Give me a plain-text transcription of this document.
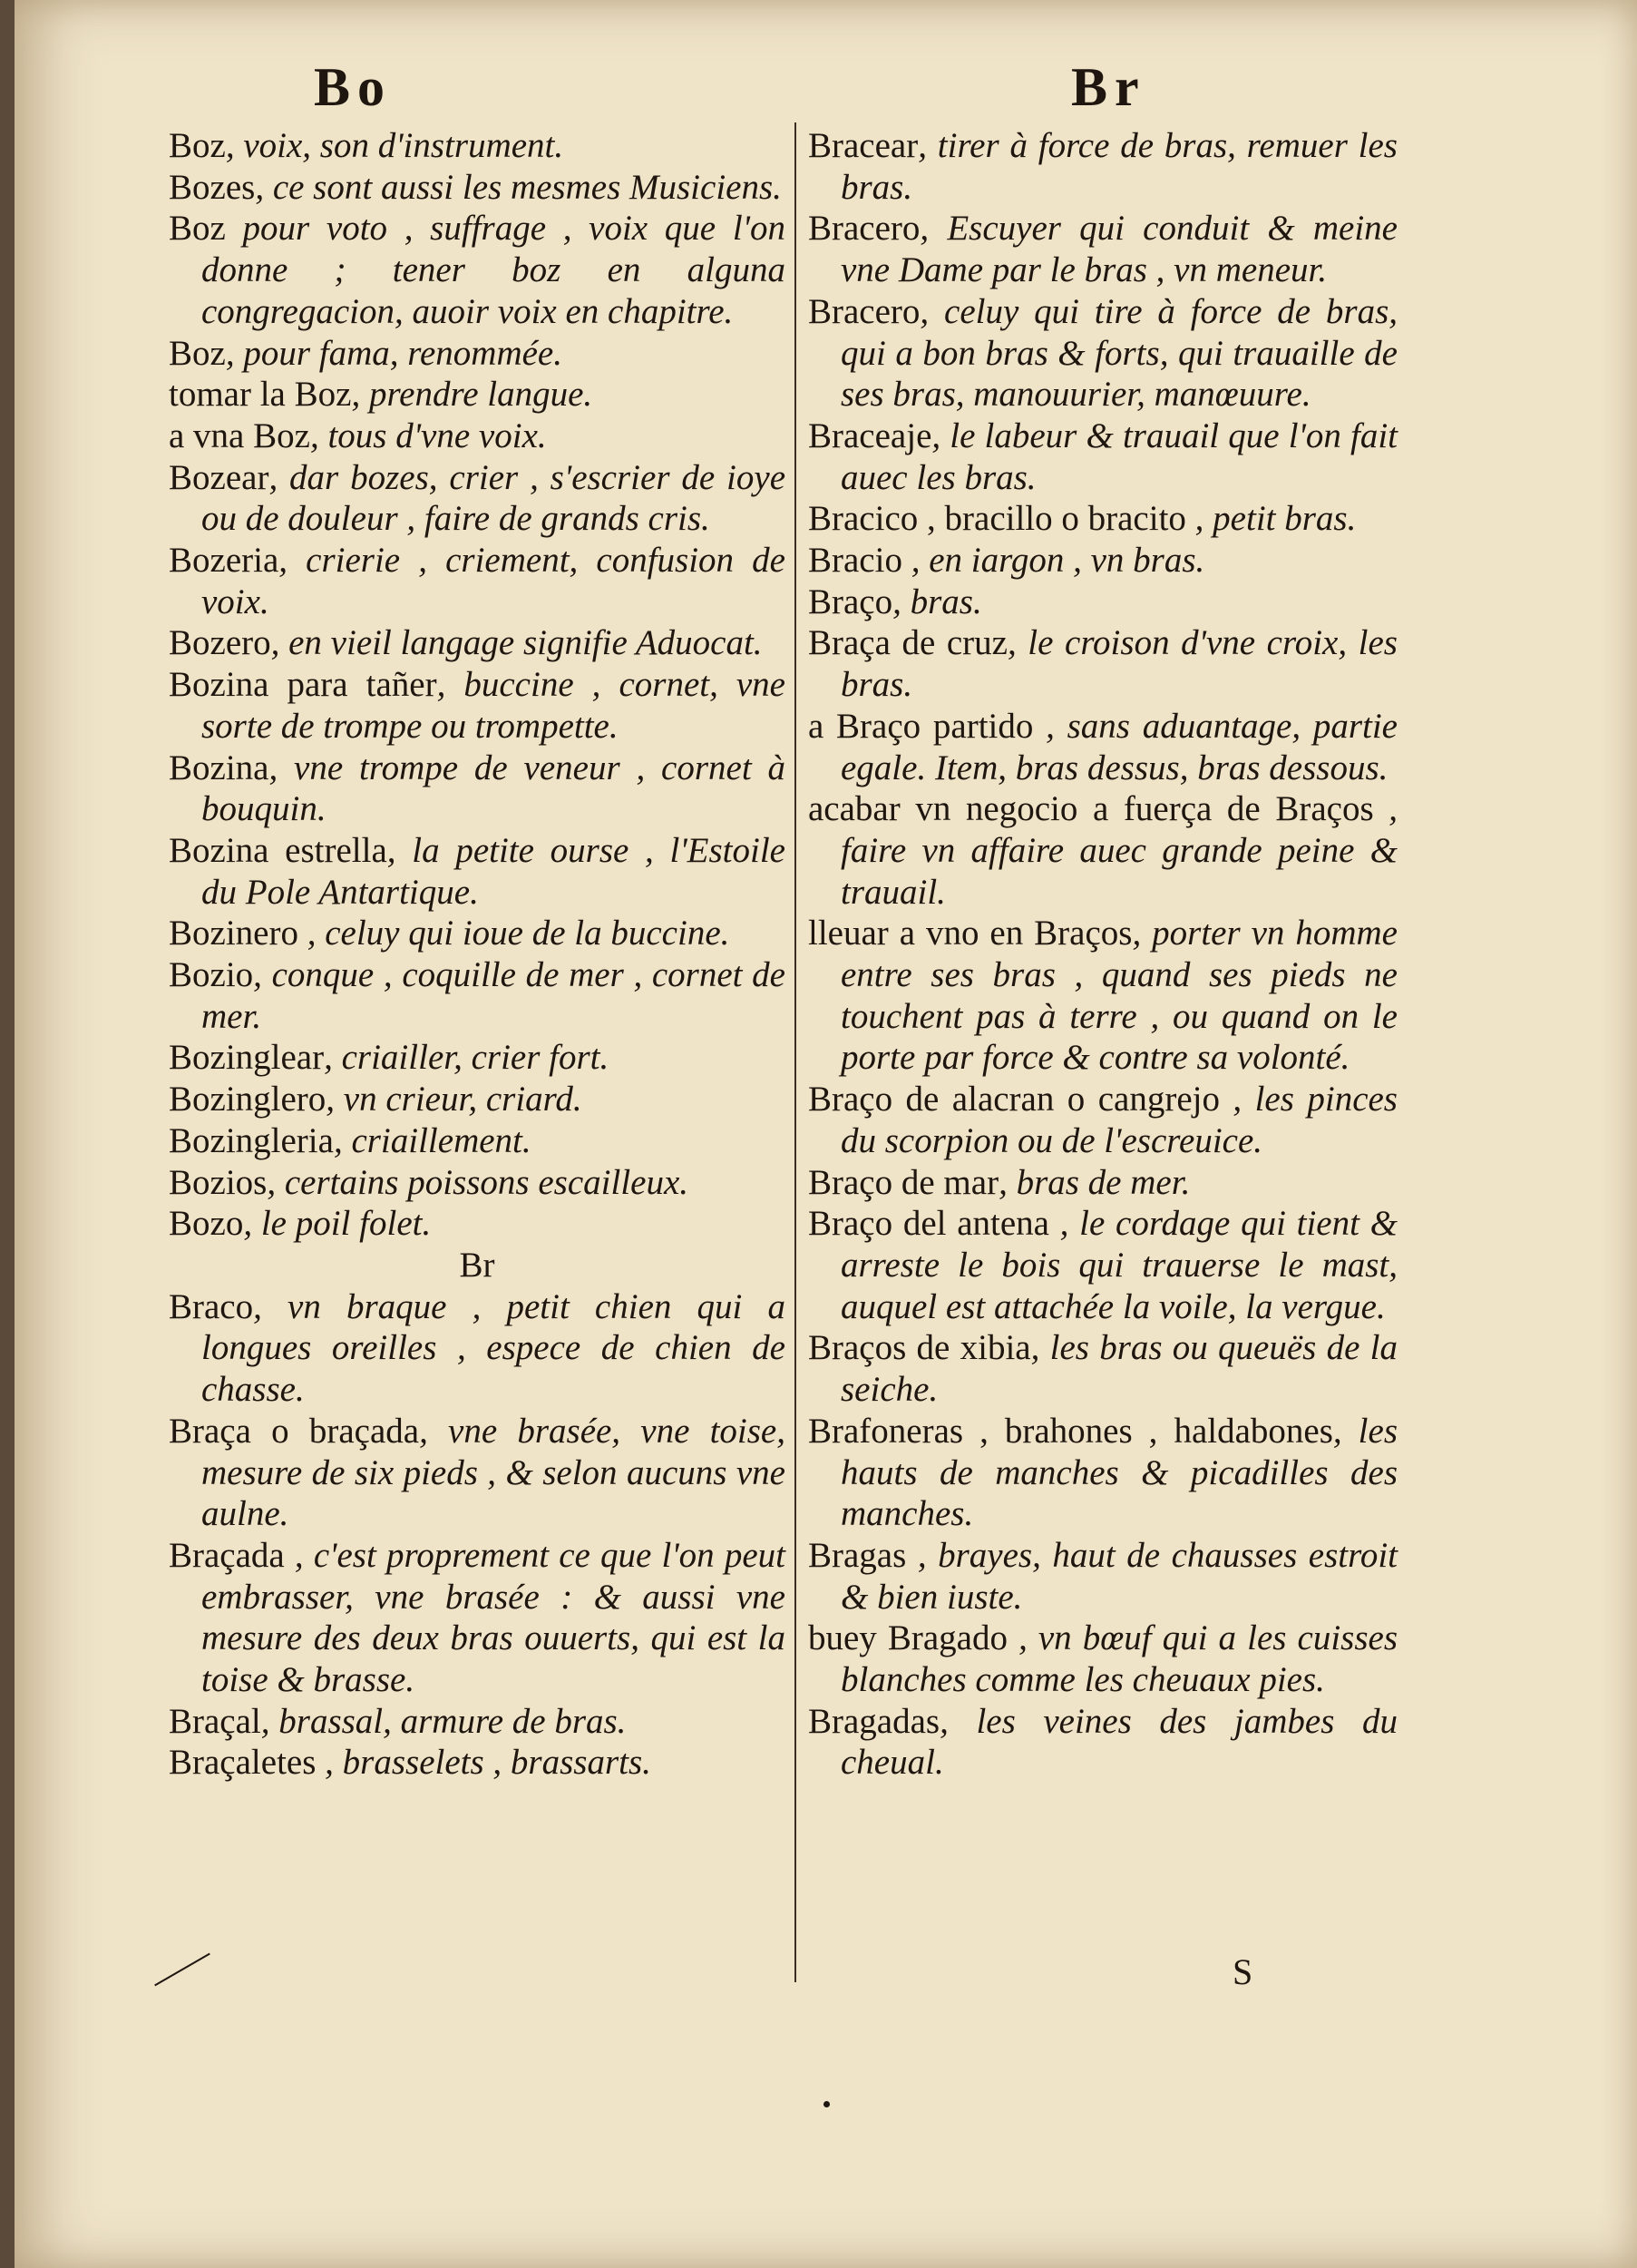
Bo	Br
Boz, voix, son d'instrument.
Bozes, ce sont aussi les mesmes Musiciens.
Boz pour voto , suffrage , voix que l'on donne ; tener boz en alguna congregacion, auoir voix en chapitre.
Boz, pour fama, renommée.
tomar la Boz, prendre langue.
a vna Boz, tous d'vne voix.
Bozear, dar bozes, crier , s'escrier de ioye ou de douleur , faire de grands cris.
Bozeria, crierie , criement, confusion de voix.
Bozero, en vieil langage signifie Aduocat.
Bozina para tañer, buccine , cornet, vne sorte de trompe ou trompette.
Bozina, vne trompe de veneur , cornet à bouquin.
Bozina estrella, la petite ourse , l'Estoile du Pole Antartique.
Bozinero , celuy qui ioue de la buccine.
Bozio, conque , coquille de mer , cornet de mer.
Bozinglear, criailler, crier fort.
Bozinglero, vn crieur, criard.
Bozingleria, criaillement.
Bozios, certains poissons escailleux.
Bozo, le poil folet.
Br
Braco, vn braque , petit chien qui a longues oreilles , espece de chien de chasse.
Braça o braçada, vne brasée, vne toise, mesure de six pieds , & selon aucuns vne aulne.
Braçada , c'est proprement ce que l'on peut embrasser, vne brasée : & aussi vne mesure des deux bras ouuerts, qui est la toise & brasse.
Braçal, brassal, armure de bras.
Braçaletes , brasselets , brassarts.
Bracear, tirer à force de bras, remuer les bras.
Bracero, Escuyer qui conduit & meine vne Dame par le bras , vn meneur.
Bracero, celuy qui tire à force de bras, qui a bon bras & forts, qui trauaille de ses bras, manouurier, manœuure.
Braceaje, le labeur & trauail que l'on fait auec les bras.
Bracico , bracillo o bracito , petit bras.
Bracio , en iargon , vn bras.
Braço, bras.
Braça de cruz, le croison d'vne croix, les bras.
a Braço partido , sans aduantage, partie egale. Item, bras dessus, bras dessous.
acabar vn negocio a fuerça de Braços , faire vn affaire auec grande peine & trauail.
lleuar a vno en Braços, porter vn homme entre ses bras , quand ses pieds ne touchent pas à terre , ou quand on le porte par force & contre sa volonté.
Braço de alacran o cangrejo , les pinces du scorpion ou de l'escreuice.
Braço de mar, bras de mer.
Braço del antena , le cordage qui tient & arreste le bois qui trauerse le mast, auquel est attachée la voile, la vergue.
Braços de xibia, les bras ou queuës de la seiche.
Brafoneras , brahones , haldabones, les hauts de manches & picadilles des manches.
Bragas , brayes, haut de chausses estroit & bien iuste.
buey Bragado , vn bœuf qui a les cuisses blanches comme les cheuaux pies.
Bragadas, les veines des jambes du cheual.
S
